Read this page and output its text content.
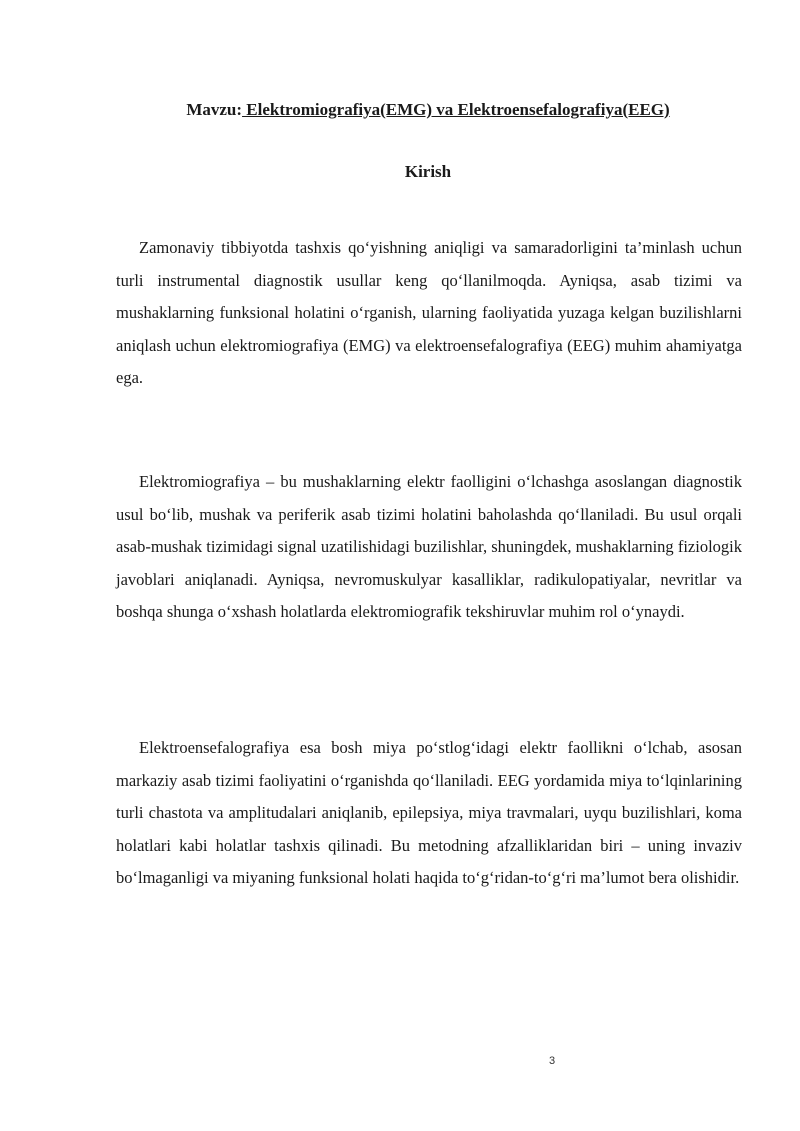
Mavzu: Elektromiografiya(EMG) va Elektroensefalografiya(EEG)
Kirish

Zamonaviy tibbiyotda tashxis qo‘yishning aniqligi va samaradorligini ta’minlash uchun turli instrumental diagnostik usullar keng qo‘llanilmoqda. Ayniqsa, asab tizimi va mushaklarning funksional holatini o‘rganish, ularning faoliyatida yuzaga kelgan buzilishlarni aniqlash uchun elektromiografiya (EMG) va elektroensefalografiya (EEG) muhim ahamiyatga ega.

Elektromiografiya – bu mushaklarning elektr faolligini o‘lchashga asoslangan diagnostik usul bo‘lib, mushak va periferik asab tizimi holatini baholashda qo‘llaniladi. Bu usul orqali asab-mushak tizimidagi signal uzatilishidagi buzilishlar, shuningdek, mushaklarning fiziologik javoblari aniqlanadi. Ayniqsa, nevromuskulyar kasalliklar, radikulopatiyalar, nevritlar va boshqa shunga o‘xshash holatlarda elektromiografik tekshiruvlar muhim rol o‘ynaydi.

Elektroensefalografiya esa bosh miya po‘stlog‘idagi elektr faollikni o‘lchab, asosan markaziy asab tizimi faoliyatini o‘rganishda qo‘llaniladi. EEG yordamida miya to‘lqinlarining turli chastota va amplitudalari aniqlanib, epilepsiya, miya travmalari, uyqu buzilishlari, koma holatlari kabi holatlar tashxis qilinadi. Bu metodning afzalliklaridan biri – uning invaziv bo‘lmaganligi va miyaning funksional holati haqida to‘g‘ridan-to‘g‘ri ma’lumot bera olishidir.

3
